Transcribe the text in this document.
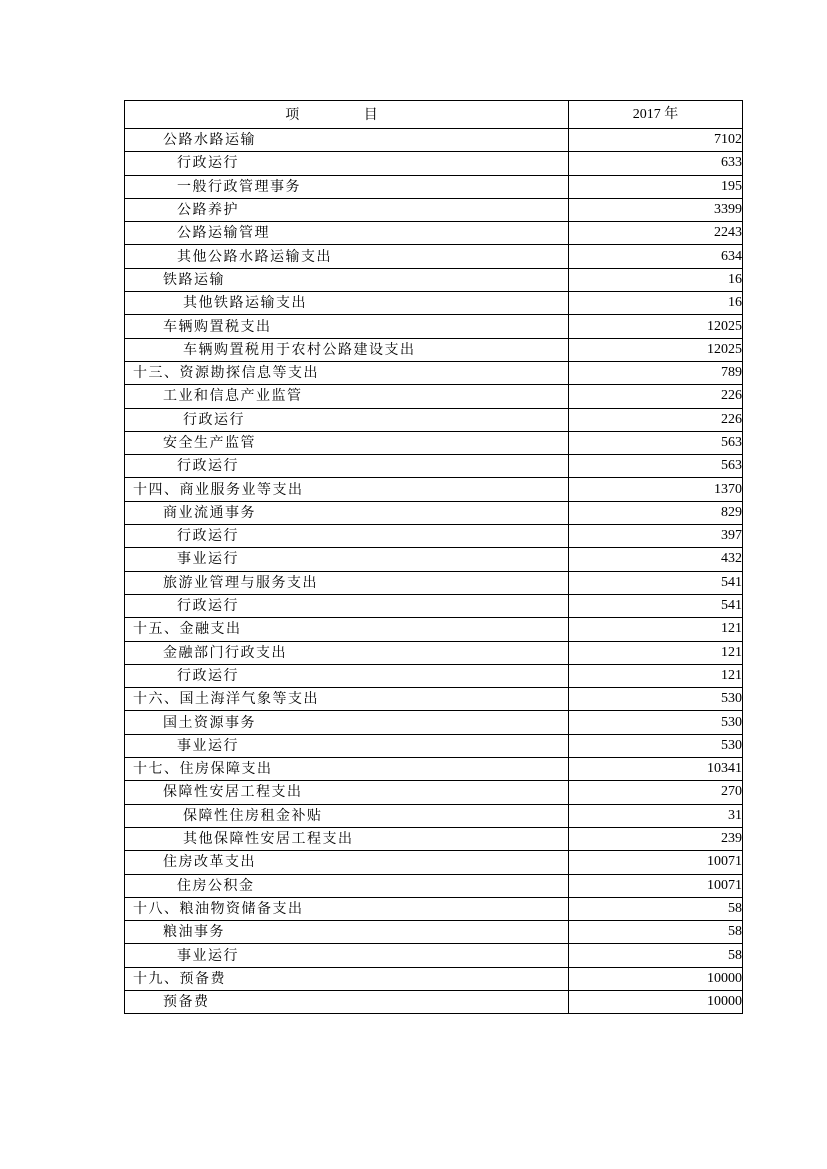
项 目	2017 年
公路水路运输	7102
行政运行	633
一般行政管理事务	195
公路养护	3399
公路运输管理	2243
其他公路水路运输支出	634
铁路运输	16
其他铁路运输支出	16
车辆购置税支出	12025
车辆购置税用于农村公路建设支出	12025
十三、资源勘探信息等支出	789
工业和信息产业监管	226
行政运行	226
安全生产监管	563
行政运行	563
十四、商业服务业等支出	1370
商业流通事务	829
行政运行	397
事业运行	432
旅游业管理与服务支出	541
行政运行	541
十五、金融支出	121
金融部门行政支出	121
行政运行	121
十六、国土海洋气象等支出	530
国土资源事务	530
事业运行	530
十七、住房保障支出	10341
保障性安居工程支出	270
保障性住房租金补贴	31
其他保障性安居工程支出	239
住房改革支出	10071
住房公积金	10071
十八、粮油物资储备支出	58
粮油事务	58
事业运行	58
十九、预备费	10000
预备费	10000
